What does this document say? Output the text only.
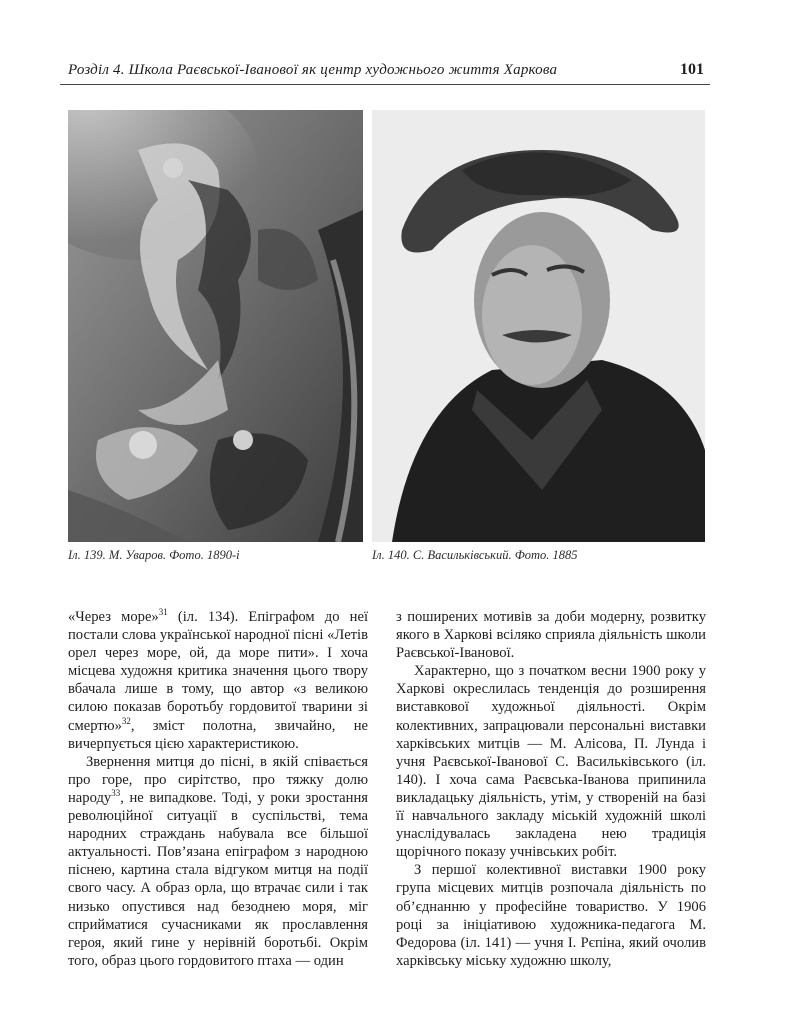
Розділ 4. Школа Раєвської-Іванової як центр художнього життя Харкова	101
Іл. 139. М. Уваров. Фото. 1890-і	Іл. 140. С. Васильківський. Фото. 1885

«Через море»$^{31}$ (іл. 134). Епіграфом до неї постали слова української народної пісні «Летів орел через море, ой, да море пити». І хоча місцева художня критика значення цього твору вбачала лише в тому, що автор «з великою силою показав боротьбу гордовитої тварини зі смертю»$^{32}$, зміст полотна, звичайно, не вичерпується цією характеристикою.

Звернення митця до пісні, в якій співається про горе, про сирітство, про тяжку долю народу$^{33}$, не випадкове. Тоді, у роки зростання революційної ситуації в суспільстві, тема народних страждань набувала все більшої актуальності. Пов’язана епіграфом з народною піснею, картина стала відгуком митця на події свого часу. А образ орла, що втрачає сили і так низько опустився над безоднею моря, міг сприйматися сучасниками як прославлення героя, який гине у нерівній боротьбі. Окрім того, образ цього гордовитого птаха — один

з поширених мотивів за доби модерну, розвитку якого в Харкові всіляко сприяла діяльність школи Раєвської-Іванової.

Характерно, що з початком весни 1900 року у Харкові окреслилась тенденція до розширення виставкової художньої діяльності. Окрім колективних, запрацювали персональні виставки харківських митців — М. Алісова, П. Лунда і учня Раєвської-Іванової С. Васильківського (іл. 140). І хоча сама Раєвська-Іванова припинила викладацьку діяльність, утім, у створеній на базі її навчального закладу міській художній школі унаслідувалась закладена нею традиція щорічного показу учнівських робіт.

З першої колективної виставки 1900 року група місцевих митців розпочала діяльність по об’єднанню у професійне товариство. У 1906 році за ініціативою художника-педагога М. Федорова (іл. 141) — учня І. Рєпіна, який очолив харківську міську художню школу,
